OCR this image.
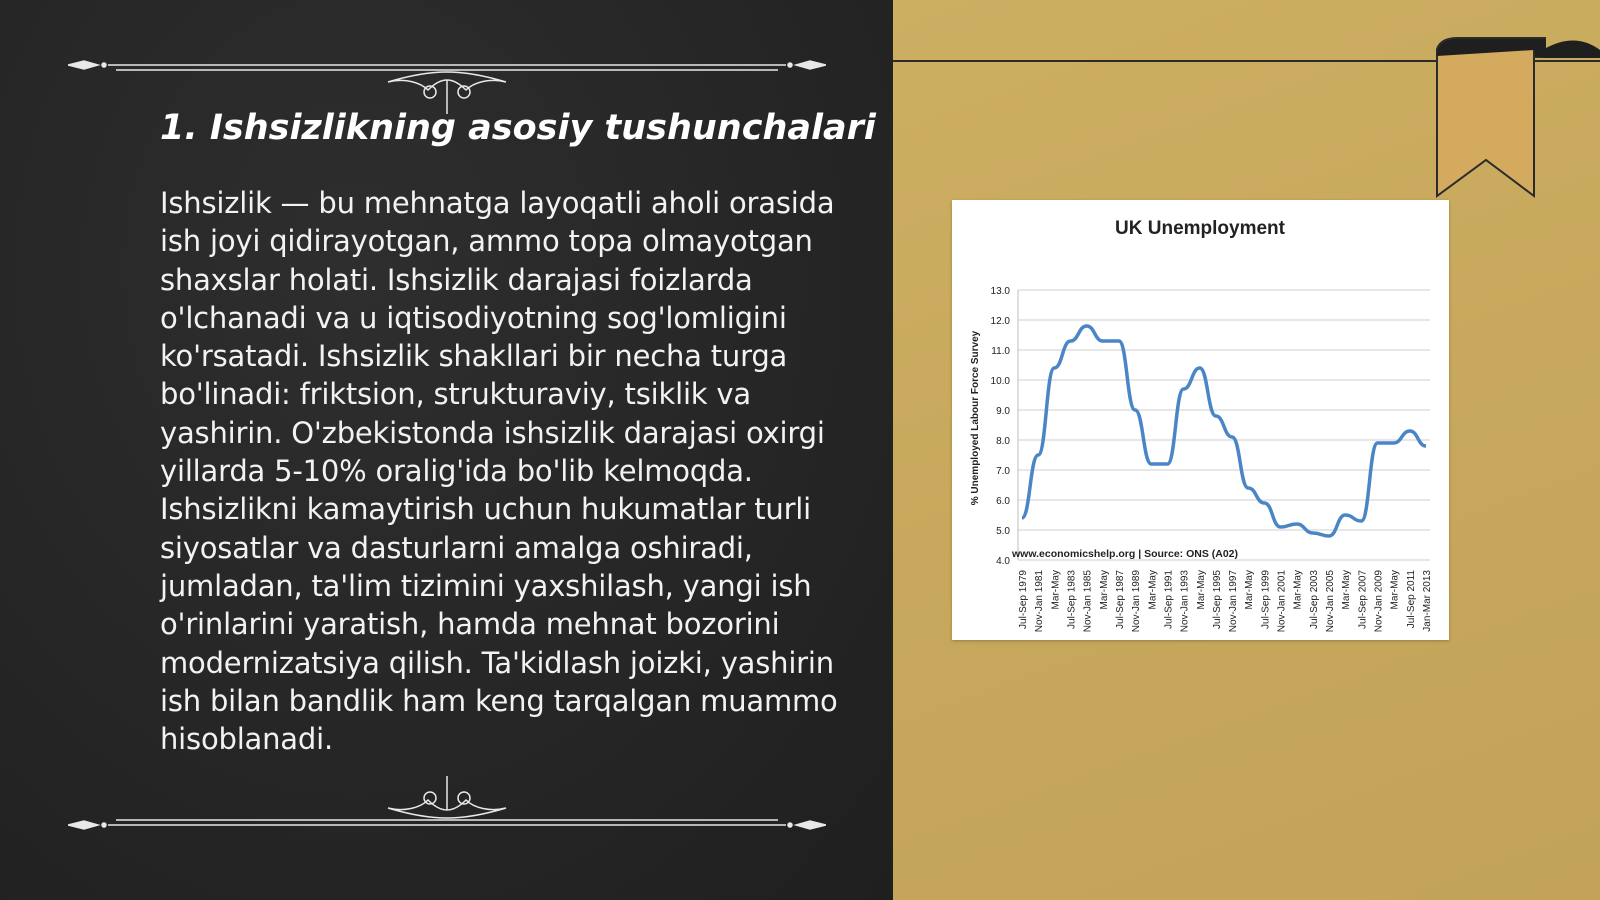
1. Ishsizlikning asosiy tushunchalari

Ishsizlik — bu mehnatga layoqatli aholi orasida ish joyi qidirayotgan, ammo topa olmayotgan shaxslar holati. Ishsizlik darajasi foizlarda o'lchanadi va u iqtisodiyotning sog'lomligini ko'rsatadi. Ishsizlik shakllari bir necha turga bo'linadi: friktsion, strukturaviy, tsiklik va yashirin. O'zbekistonda ishsizlik darajasi oxirgi yillarda 5-10% oralig'ida bo'lib kelmoqda. Ishsizlikni kamaytirish uchun hukumatlar turli siyosatlar va dasturlarni amalga oshiradi, jumladan, ta'lim tizimini yaxshilash, yangi ish o'rinlarini yaratish, hamda mehnat bozorini modernizatsiya qilish. Ta'kidlash joizki, yashirin ish bilan bandlik ham keng tarqalgan muammo hisoblanadi.

UK Unemployment
13.0
12.0
11.0
10.0
9.0
8.0
7.0
6.0
5.0
4.0
Jul-Sep 1979 Nov-Jan 1981 Mar-May Jul-Sep 1983 Nov-Jan 1985 Mar-May Jul-Sep 1987 Nov-Jan 1989 Mar-May Jul-Sep 1991 Nov-Jan 1993 Mar-May Jul-Sep 1995 Nov-Jan 1997 Mar-May Jul-Sep 1999 Nov-Jan 2001 Mar-May Jul-Sep 2003 Nov-Jan 2005 Mar-May Jul-Sep 2007 Nov-Jan 2009 Mar-May Jul-Sep 2011 Jan-Mar 2013
% Unemployed Labour Force Survey
www.economicshelp.org | Source: ONS (A02)
